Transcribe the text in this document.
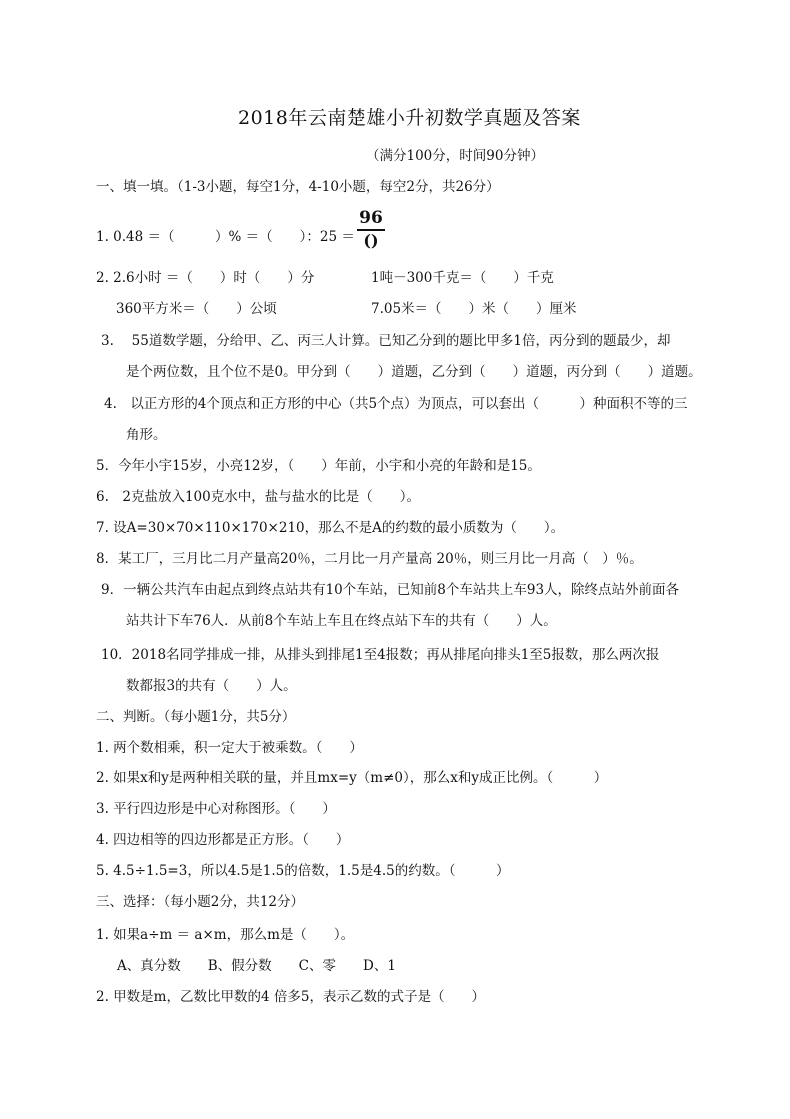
2018年云南楚雄小升初数学真题及答案
（满分100分，时间90分钟）
一、填一填。（1-3小题，每空1分，4-10小题，每空2分，共26分）
1. 0.48 ＝（　　　）% ＝（　　）：25 ＝
96
()
2. 2.6小时 ＝（　　）时（　　）分	1吨－300千克＝（　　）千克
360平方米＝（　　）公顷	7.05米＝（　　）米（　　）厘米
3.　 55道数学题，分给甲、乙、丙三人计算。已知乙分到的题比甲多1倍，丙分到的题最少，却
是个两位数，且个位不是0。甲分到（　　）道题，乙分到（　　）道题，丙分到（　　）道题。
4.　以正方形的4个顶点和正方形的中心（共5个点）为顶点，可以套出（　　　）种面积不等的三
角形。
5．今年小宇15岁，小亮12岁，（　　）年前，小宇和小亮的年龄和是15。
6.　2克盐放入100克水中，盐与盐水的比是（　　）。
7. 设A=30×70×110×170×210，那么不是A的约数的最小质数为（　　）。
8．某工厂，三月比二月产量高20％，二月比一月产量高 20％，则三月比一月高（　）％。
9．一辆公共汽车由起点到终点站共有10个车站，已知前8个车站共上车93人，除终点站外前面各
站共计下车76人．从前8个车站上车且在终点站下车的共有（　　）人。
10．2018名同学排成一排，从排头到排尾1至4报数；再从排尾向排头1至5报数，那么两次报
数都报3的共有（　　）人。
二、判断。（每小题1分，共5分）
1. 两个数相乘，积一定大于被乘数。（　　）
2. 如果x和y是两种相关联的量，并且mx=y（m≠0），那么x和y成正比例。（　　　）
3. 平行四边形是中心对称图形。（　　）
4. 四边相等的四边形都是正方形。（　　）
5. 4.5÷1.5=3，所以4.5是1.5的倍数，1.5是4.5的约数。（　　　）
三、选择：（每小题2分，共12分）
1. 如果a÷m ＝ a×m，那么m是（　　）。
A、真分数　　B、假分数　　C、零　　D、1
2. 甲数是m，乙数比甲数的4 倍多5，表示乙数的式子是（　　）
